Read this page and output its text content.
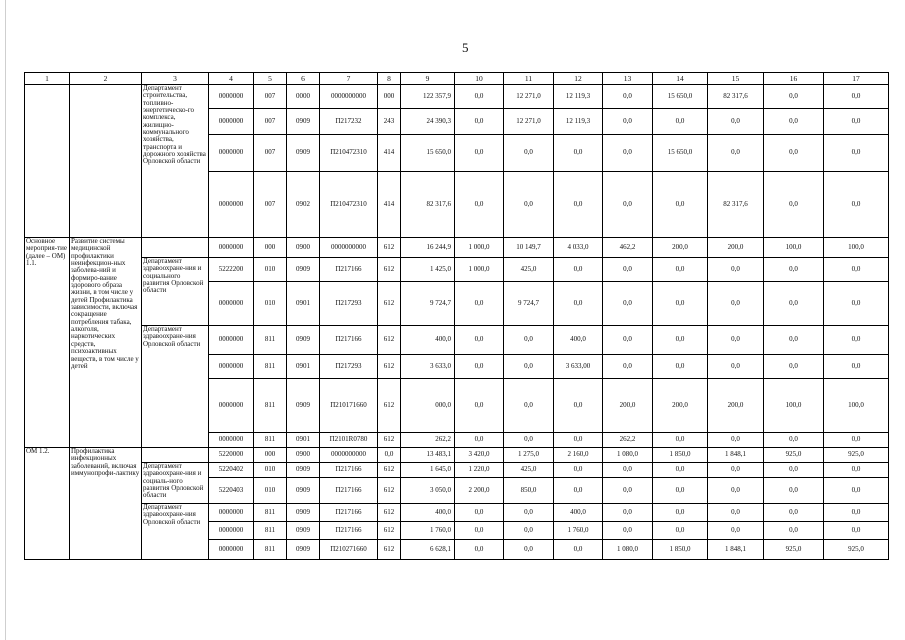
5
1	2	3	4	5	6	7	8	9	10	11	12	13	14	15	16	17
		Департамент строительства, топливно-энергетическо-го комплекса, жилищно-коммунального хозяйства, транспорта и дорожного хозяйства Орловской области	0000000	007	0000	0000000000	000	122 357,9	0,0	12 271,0	12 119,3	0,0	15 650,0	82 317,6	0,0	0,0
			0000000	007	0909	П217232	243	24 390,3	0,0	12 271,0	12 119,3	0,0	0,0	0,0	0,0	0,0
			0000000	007	0909	П210472310	414	15 650,0	0,0	0,0	0,0	0,0	15 650,0	0,0	0,0	0,0
			0000000	007	0902	П210472310	414	82 317,6	0,0	0,0	0,0	0,0	0,0	82 317,6	0,0	0,0
Основное мероприя-тие (далее – ОМ) 1.1.	Развитие системы медицинской профилактики неинфекцион-ных заболева-ний и формиро-вание здорового образа жизни, в том числе у детей Профилактика зависимости, включая сокращение потребления табака, алкоголя, наркотических средств, психоактивных веществ, в том числе у детей		0000000	000	0900	0000000000	612	16 244,9	1 000,0	10 149,7	4 033,0	462,2	200,0	200,0	100,0	100,0
		Департамент здравоохране-ния и социального развития Орловской области	5222200	010	0909	П217166	612	1 425,0	1 000,0	425,0	0,0	0,0	0,0	0,0	0,0	0,0
			0000000	010	0901	П217293	612	9 724,7	0,0	9 724,7	0,0	0,0	0,0	0,0	0,0	0,0
		Департамент здравоохране-ния Орловской области	0000000	811	0909	П217166	612	400,0	0,0	0,0	400,0	0,0	0,0	0,0	0,0	0,0
			0000000	811	0901	П217293	612	3 633,0	0,0	0,0	3 633,00	0,0	0,0	0,0	0,0	0,0
			0000000	811	0909	П210171660	612	000,0	0,0	0,0	0,0	200,0	200,0	200,0	100,0	100,0
			0000000	811	0901	П2101R0780	612	262,2	0,0	0,0	0,0	262,2	0,0	0,0	0,0	0,0
ОМ 1.2.	Профилактика инфекционных заболеваний, включая иммунопрофи-лактику		5220000	000	0900	0000000000	0,0	13 483,1	3 420,0	1 275,0	2 160,0	1 080,0	1 850,0	1 848,1	925,0	925,0
		Департамент здравоохране-ния и социаль-ного развития Орловской области	5220402	010	0909	П217166	612	1 645,0	1 220,0	425,0	0,0	0,0	0,0	0,0	0,0	0,0
			5220403	010	0909	П217166	612	3 050,0	2 200,0	850,0	0,0	0,0	0,0	0,0	0,0	0,0
		Департамент здравоохране-ния Орловской области	0000000	811	0909	П217166	612	400,0	0,0	0,0	400,0	0,0	0,0	0,0	0,0	0,0
			0000000	811	0909	П217166	612	1 760,0	0,0	0,0	1 760,0	0,0	0,0	0,0	0,0	0,0
			0000000	811	0909	П210271660	612	6 628,1	0,0	0,0	0,0	1 080,0	1 850,0	1 848,1	925,0	925,0
